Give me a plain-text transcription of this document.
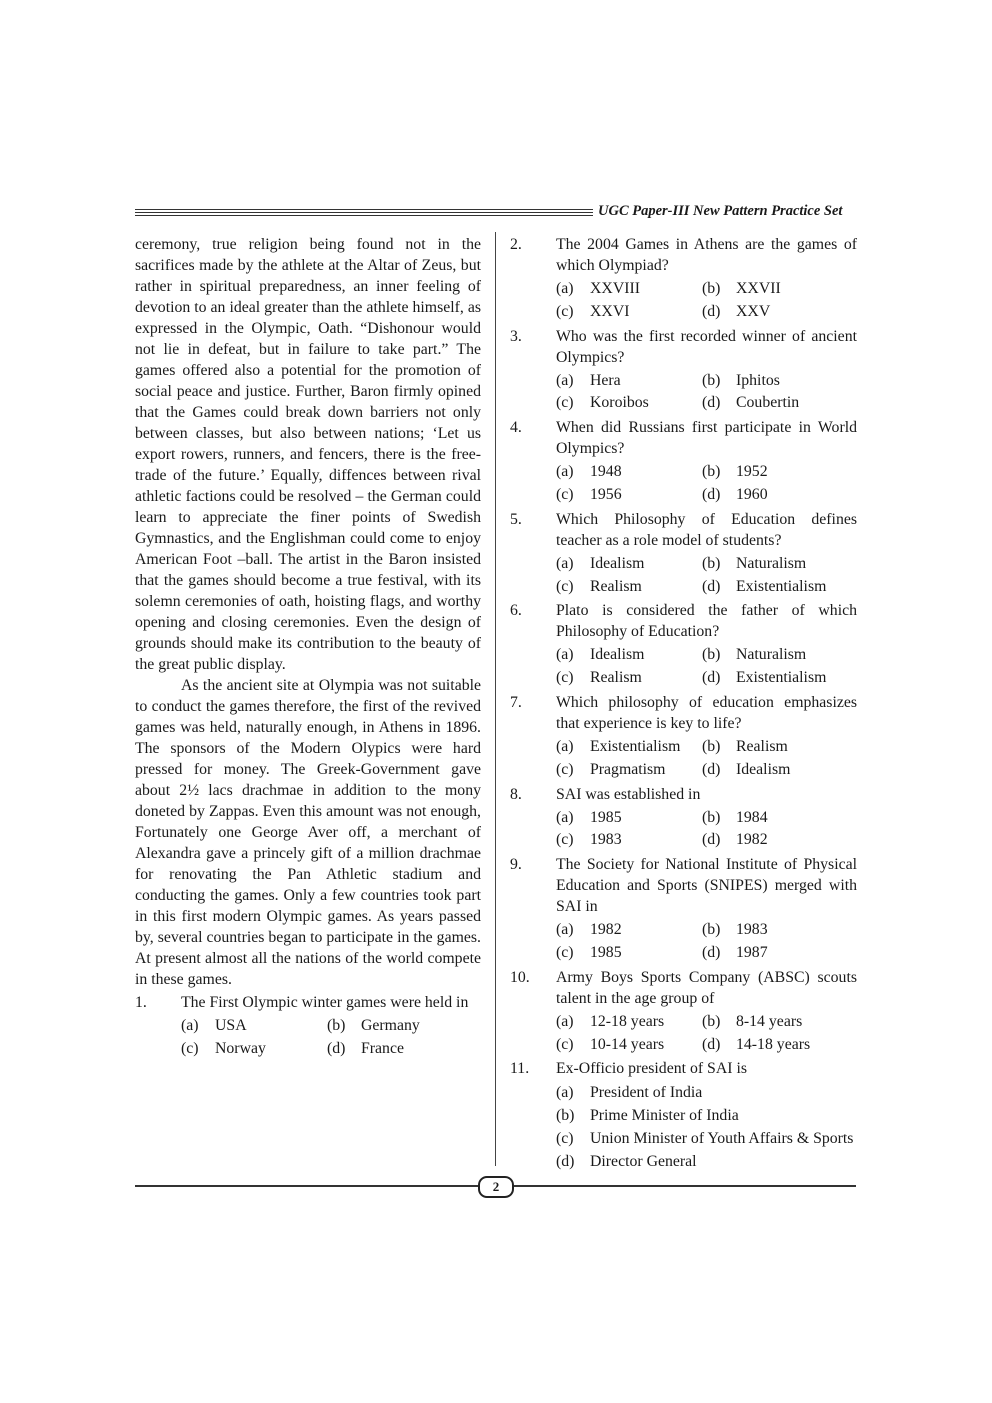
UGC Paper-III New Pattern Practice Set

ceremony, true religion being found not in the sacrifices made by the athlete at the Altar of Zeus, but rather in spiritual preparedness, an inner feeling of devotion to an ideal greater than the athlete himself, as expressed in the Olympic, Oath. “Dishonour would not lie in defeat, but in failure to take part.” The games offered also a potential for the promotion of social peace and justice. Further, Baron firmly opined that the Games could break down barriers not only between classes, but also between nations; ‘Let us export rowers, runners, and fencers, there is the free- trade of the future.’ Equally, diffences between rival athletic factions could be resolved – the German could learn to appreciate the finer points of Swedish Gymnastics, and the Englishman could come to enjoy American Foot –ball. The artist in the Baron insisted that the games should become a true festival, with its solemn ceremonies of oath, hoisting flags, and worthy opening and closing ceremonies. Even the design of grounds should make its contribution to the beauty of the great public display.

As the ancient site at Olympia was not suitable to conduct the games therefore, the first of the revived games was held, naturally enough, in Athens in 1896. The sponsors of the Modern Olypics were hard pressed for money. The Greek-Government gave about 2½ lacs drachmae in addition to the mony doneted by Zappas. Even this amount was not enough, Fortunately one George Aver off, a merchant of Alexandra gave a princely gift of a million drachmae for renovating the Pan Athletic stadium and conducting the games. Only a few countries took part in this first modern Olympic games. As years passed by, several countries began to participate in the games. At present almost all the nations of the world compete in these games.

1. The First Olympic winter games were held in
(a)	USA	(b) Germany
(c)	Norway	(d) France
2. The 2004 Games in Athens are the games of which Olympiad?
(a)	XXVIII	(b) XXVII
(c)	XXVI	(d) XXV
3. Who was the first recorded winner of ancient Olympics?
(a)	Hera	(b) Iphitos
(c)	Koroibos	(d) Coubertin
4. When did Russians first participate in World Olympics?
(a)	1948	(b) 1952
(c)	1956	(d) 1960
5. Which Philosophy of Education defines teacher as a role model of students?
(a)	Idealism	(b) Naturalism
(c)	Realism	(d) Existentialism
6. Plato is considered the father of which Philosophy of Education?
(a)	Idealism	(b) Naturalism
(c)	Realism	(d) Existentialism
7. Which philosophy of education emphasizes that experience is key to life?
(a)	Existentialism (b) Realism
(c)	Pragmatism (d) Idealism
8. SAI was established in
(a)	1985	(b) 1984
(c)	1983	(d) 1982
9. The Society for National Institute of Physical Education and Sports (SNIPES) merged with SAI in
(a)	1982	(b) 1983
(c)	1985	(d) 1987
10. Army Boys Sports Company (ABSC) scouts talent in the age group of
(a)	12-18 years (b) 8-14 years
(c)	10-14 years (d) 14-18 years
11. Ex-Officio president of SAI is
(a)	President of India
(b) Prime Minister of India
(c)	Union Minister of Youth Affairs & Sports
(d) Director General
2
